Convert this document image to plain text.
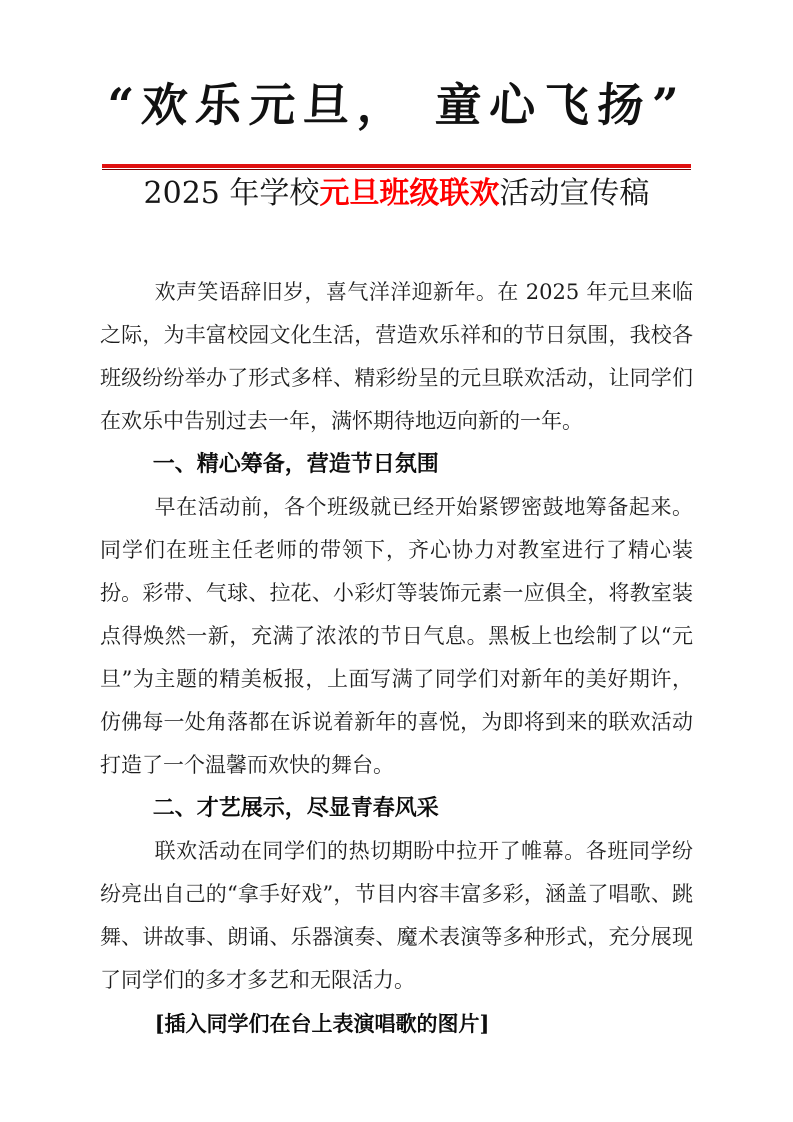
“欢乐元旦， 童心飞扬”
2025 年学校元旦班级联欢活动宣传稿

欢声笑语辞旧岁，喜气洋洋迎新年。在 2025 年元旦来临之际，为丰富校园文化生活，营造欢乐祥和的节日氛围，我校各班级纷纷举办了形式多样、精彩纷呈的元旦联欢活动，让同学们在欢乐中告别过去一年，满怀期待地迈向新的一年。

一、精心筹备，营造节日氛围

早在活动前，各个班级就已经开始紧锣密鼓地筹备起来。同学们在班主任老师的带领下，齐心协力对教室进行了精心装扮。彩带、气球、拉花、小彩灯等装饰元素一应俱全，将教室装点得焕然一新，充满了浓浓的节日气息。黑板上也绘制了以“元旦”为主题的精美板报，上面写满了同学们对新年的美好期许，仿佛每一处角落都在诉说着新年的喜悦，为即将到来的联欢活动打造了一个温馨而欢快的舞台。

二、才艺展示，尽显青春风采

联欢活动在同学们的热切期盼中拉开了帷幕。各班同学纷纷亮出自己的“拿手好戏”，节目内容丰富多彩，涵盖了唱歌、跳舞、讲故事、朗诵、乐器演奏、魔术表演等多种形式，充分展现了同学们的多才多艺和无限活力。

[插入同学们在台上表演唱歌的图片]
